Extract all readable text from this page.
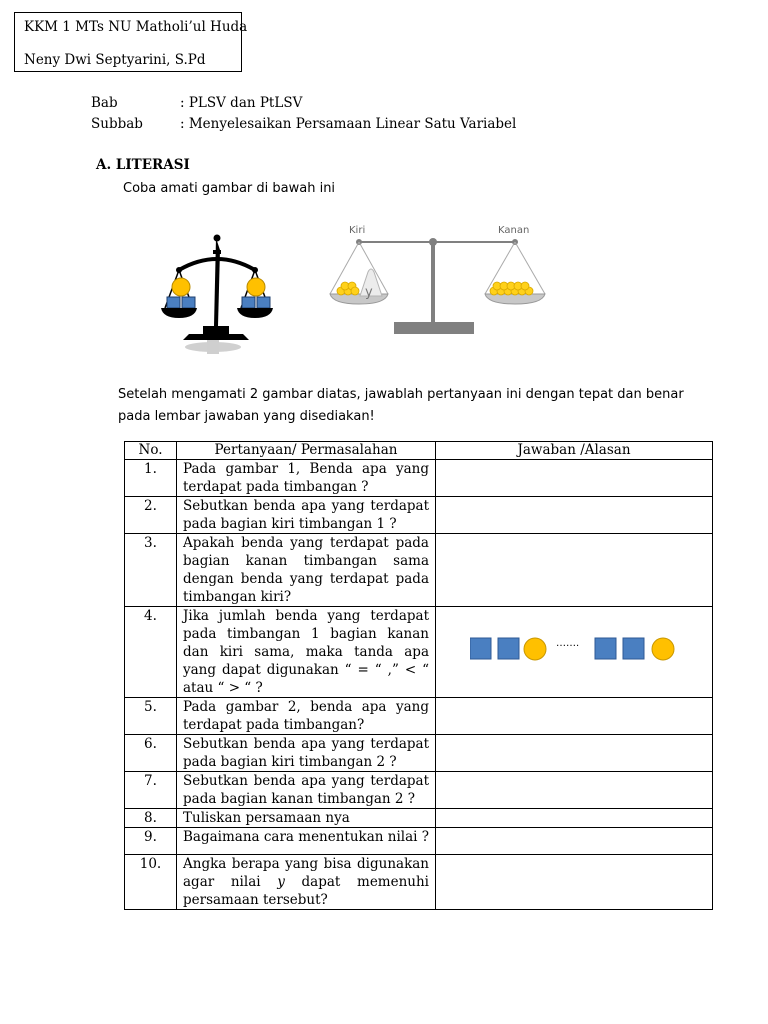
KKM 1 MTs NU Matholi’ul Huda
Neny Dwi Septyarini, S.Pd
Bab	: PLSV dan PtLSV
Subbab	: Menyelesaikan Persamaan Linear Satu Variabel
A. LITERASI
Coba amati gambar di bawah ini
Kiri	Kanan
y
Setelah mengamati 2 gambar diatas, jawablah pertanyaan ini dengan tepat dan benar
pada lembar jawaban yang disediakan!
No.	Pertanyaan/ Permasalahan	Jawaban /Alasan
1.	Pada gambar 1, Benda apa yang terdapat pada timbangan ?	
2.	Sebutkan benda apa yang terdapat pada bagian kiri timbangan 1 ?	
3.	Apakah benda yang terdapat pada bagian kanan timbangan sama dengan benda yang terdapat pada timbangan kiri?	
4.	Jika jumlah benda yang terdapat pada timbangan 1 bagian kanan dan kiri sama, maka tanda apa yang dapat digunakan “ = “ ,” < “ atau “ > “ ?	…….

5.	Pada gambar 2, benda apa yang terdapat pada timbangan?	
6.	Sebutkan benda apa yang terdapat pada bagian kiri timbangan 2 ?	
7.	Sebutkan benda apa yang terdapat pada bagian kanan timbangan 2 ?	
8.	Tuliskan persamaan nya	
9.	Bagaimana cara menentukan nilai ?	
10.	Angka berapa yang bisa digunakan agar nilai y dapat memenuhi persamaan tersebut?	
